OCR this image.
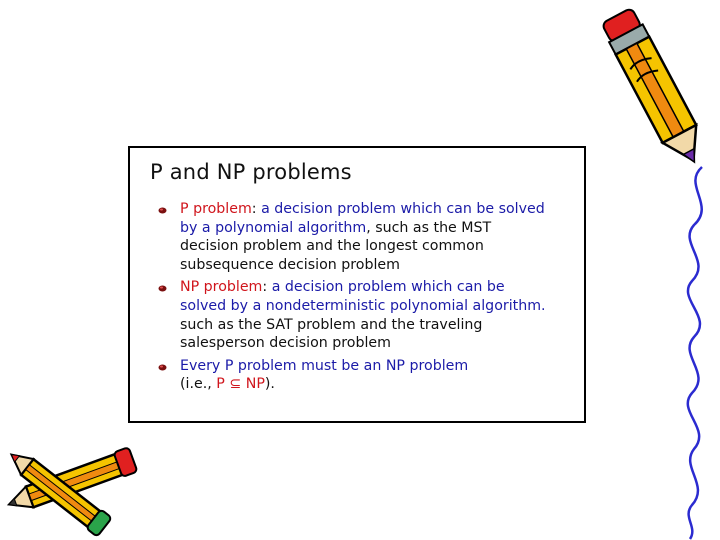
P and NP problems
P problem: a decision problem which can be solved
by a polynomial algorithm, such as the MST
decision problem and the longest common
subsequence decision problem
NP problem: a decision problem which can be
solved by a nondeterministic polynomial algorithm.
such as the SAT problem and the traveling
salesperson decision problem
Every P problem must be an NP problem
(i.e., P ⊆ NP).
